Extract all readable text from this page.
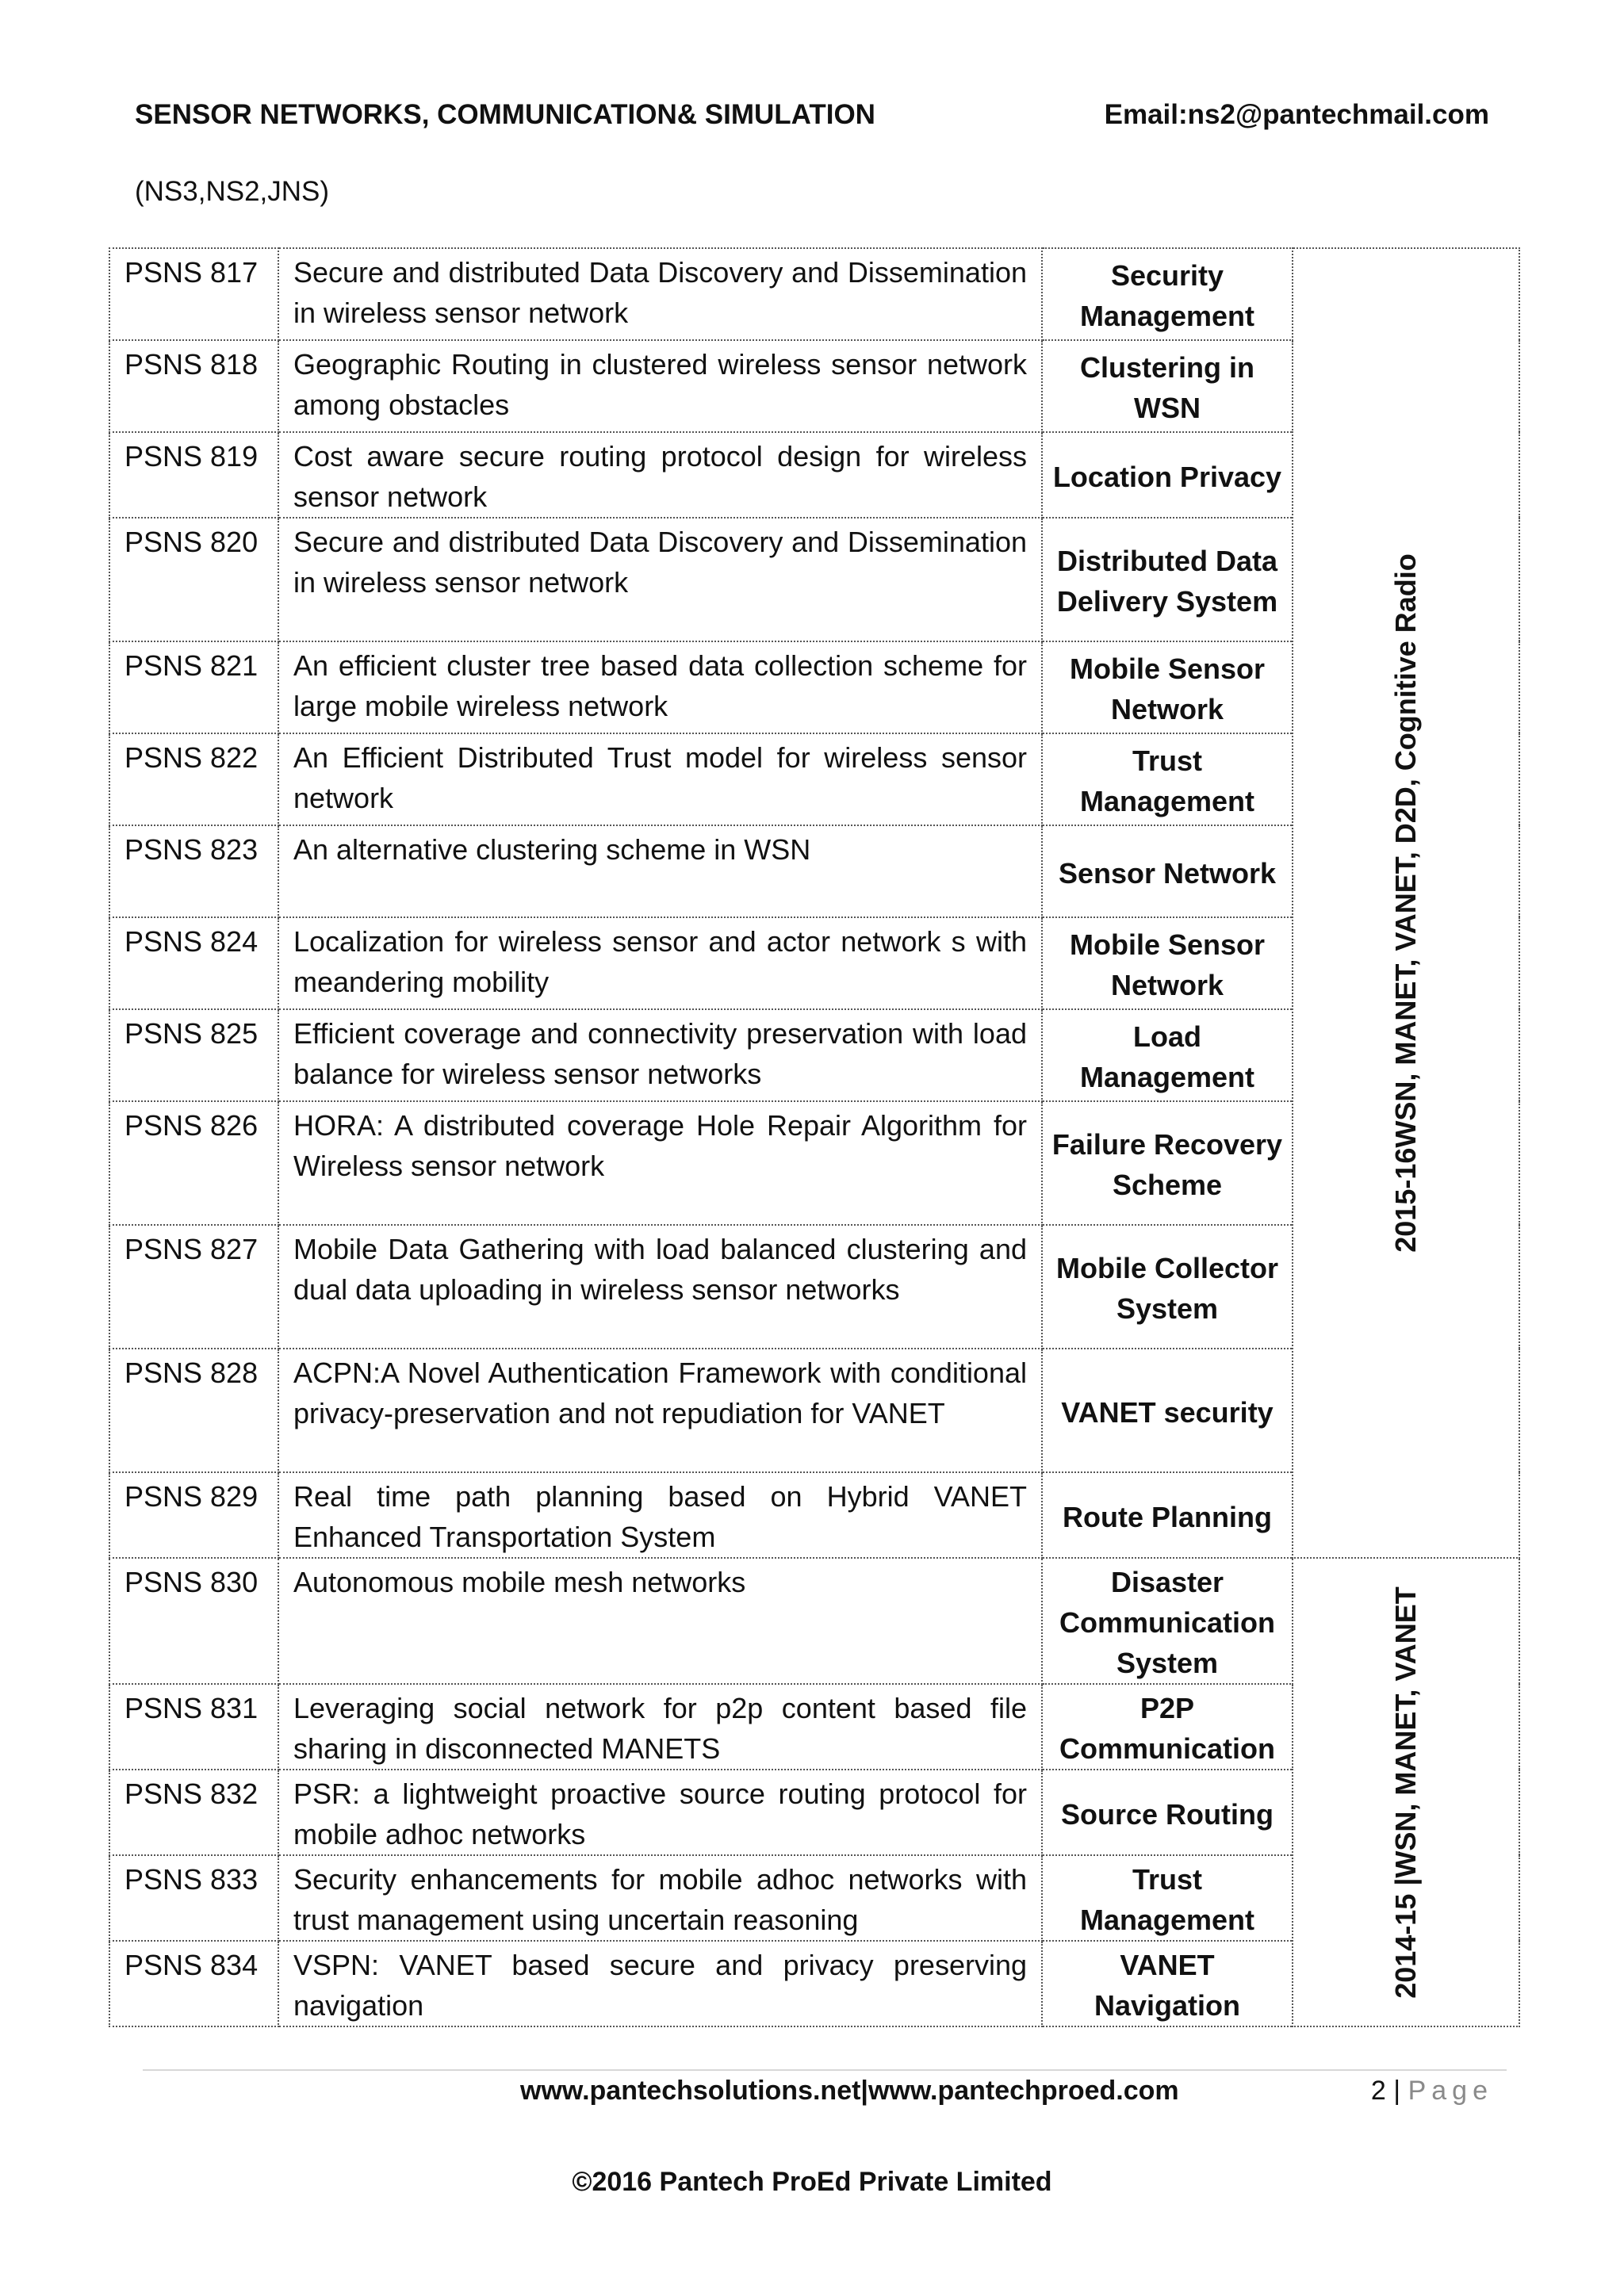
SENSOR NETWORKS, COMMUNICATION& SIMULATION	Email:ns2@pantechmail.com
(NS3,NS2,JNS)
PSNS 817	Secure and distributed Data Discovery and Dissemination in wireless sensor network	Security Management	2015-16WSN, MANET, VANET, D2D, Cognitive Radio

PSNS 818	Geographic Routing in clustered wireless sensor network among obstacles	Clustering in WSN	
PSNS 819	Cost aware secure routing protocol design for wireless sensor network	Location Privacy	
PSNS 820	Secure and distributed Data Discovery and Dissemination in wireless sensor network	Distributed Data Delivery System	
PSNS 821	An efficient cluster tree based data collection scheme for large mobile wireless network	Mobile Sensor Network	
PSNS 822	An Efficient Distributed Trust model for wireless sensor network	Trust Management	
PSNS 823	An alternative clustering scheme in WSN	Sensor Network	
PSNS 824	Localization for wireless sensor and actor network s with meandering mobility	Mobile Sensor Network	
PSNS 825	Efficient coverage and connectivity preservation with load balance for wireless sensor networks	Load Management	
PSNS 826	HORA: A distributed coverage Hole Repair Algorithm for Wireless sensor network	Failure Recovery Scheme	
PSNS 827	Mobile Data Gathering with load balanced clustering and dual data uploading in wireless sensor networks	Mobile Collector System	
PSNS 828	ACPN:A Novel Authentication Framework with conditional privacy-preservation and not repudiation for VANET	VANET security	
PSNS 829	Real time path planning based on Hybrid VANET Enhanced Transportation System	Route Planning	
PSNS 830	Autonomous mobile mesh networks	Disaster Communication System	2014-15 |WSN, MANET, VANET

PSNS 831	Leveraging social network for p2p content based file sharing in disconnected MANETS	P2P Communication	
PSNS 832	PSR: a lightweight proactive source routing protocol for mobile adhoc networks	Source Routing	
PSNS 833	Security enhancements for mobile adhoc networks with trust management using uncertain reasoning	Trust Management	
PSNS 834	VSPN: VANET based secure and privacy preserving navigation	VANET Navigation	
www.pantechsolutions.net|www.pantechproed.com	2 | Page
©2016 Pantech ProEd Private Limited
